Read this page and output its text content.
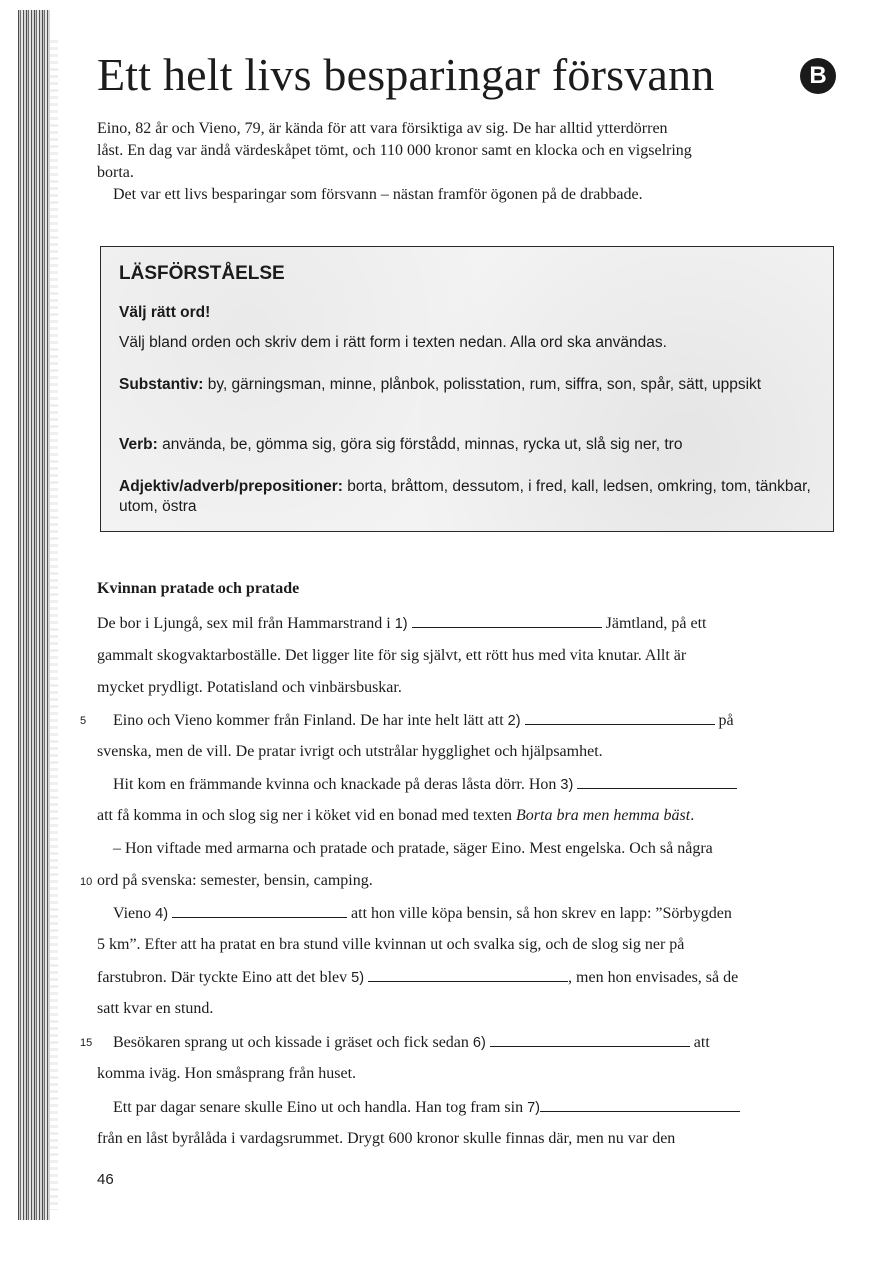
Ett helt livs besparingar försvann	B

Eino, 82 år och Vieno, 79, är kända för att vara försiktiga av sig. De har alltid ytterdörren låst. En dag var ändå värdeskåpet tömt, och 110 000 kronor samt en klocka och en vigselring borta.

Det var ett livs besparingar som försvann – nästan framför ögonen på de drabbade.

LÄSFÖRSTÅELSE
Välj rätt ord!
Välj bland orden och skriv dem i rätt form i texten nedan. Alla ord ska användas.
Substantiv: by, gärningsman, minne, plånbok, polisstation, rum, siffra, son, spår, sätt, uppsikt
Verb: använda, be, gömma sig, göra sig förstådd, minnas, rycka ut, slå sig ner, tro
Adjektiv/adverb/prepositioner: borta, bråttom, dessutom, i fred, kall, ledsen, omkring, tom, tänkbar, utom, östra
Kvinnan pratade och pratade
De bor i Ljungå, sex mil från Hammarstrand i 1)	Jämtland, på ett
gammalt skogvaktarboställe. Det ligger lite för sig självt, ett rött hus med vita knutar. Allt är
mycket prydligt. Potatisland och vinbärsbuskar.
5 Eino och Vieno kommer från Finland. De har inte helt lätt att 2)	på
svenska, men de vill. De pratar ivrigt och utstrålar hygglighet och hjälpsamhet.
Hit kom en främmande kvinna och knackade på deras låsta dörr. Hon 3)
att få komma in och slog sig ner i köket vid en bonad med texten Borta bra men hemma bäst.
– Hon viftade med armarna och pratade och pratade, säger Eino. Mest engelska. Och så några
10 ord på svenska: semester, bensin, camping.
Vieno 4)	att hon ville köpa bensin, så hon skrev en lapp: ”Sörbygden
5 km”. Efter att ha pratat en bra stund ville kvinnan ut och svalka sig, och de slog sig ner på
farstubron. Där tyckte Eino att det blev 5)	, men hon envisades, så de
satt kvar en stund.
15 Besökaren sprang ut och kissade i gräset och fick sedan 6)	att
komma iväg. Hon småsprang från huset.
Ett par dagar senare skulle Eino ut och handla. Han tog fram sin 7)
från en låst byrålåda i vardagsrummet. Drygt 600 kronor skulle finnas där, men nu var den
46
